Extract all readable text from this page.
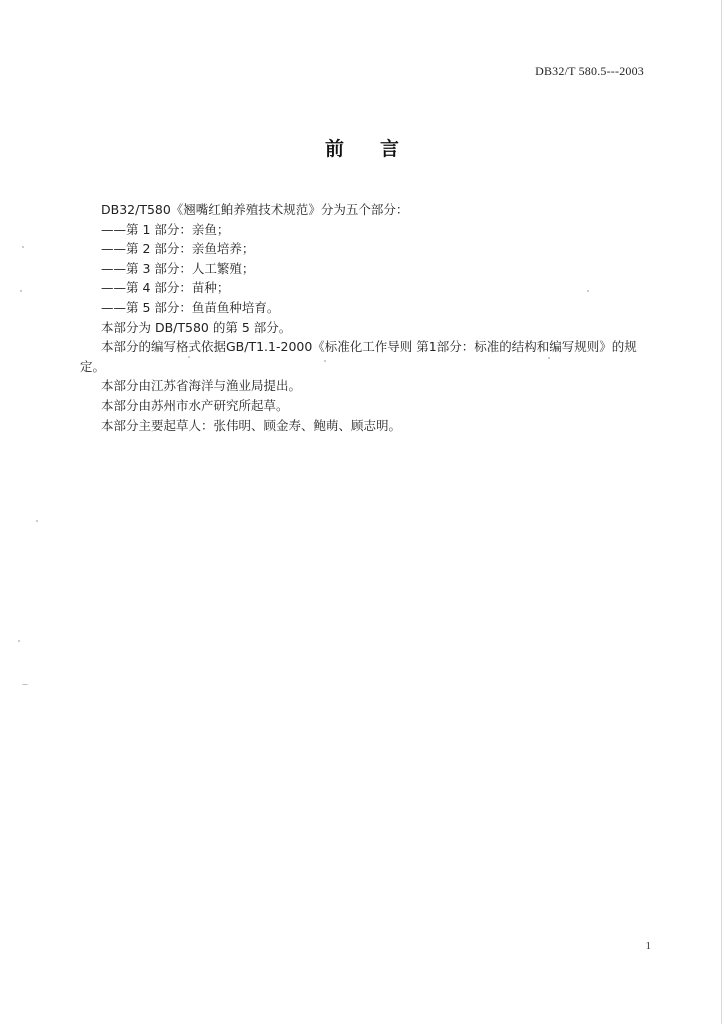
DB32/T 580.5---2003
前 言

DB32/T580《翘嘴红鲌养殖技术规范》分为五个部分：

——第 1 部分：亲鱼；

——第 2 部分：亲鱼培养；

——第 3 部分：人工繁殖；

——第 4 部分：苗种；

——第 5 部分：鱼苗鱼种培育。

本部分为 DB/T580 的第 5 部分。

本部分的编写格式依据GB/T1.1-2000《标准化工作导则 第1部分：标准的结构和编写规则》的规定。

本部分由江苏省海洋与渔业局提出。

本部分由苏州市水产研究所起草。

本部分主要起草人：张伟明、顾金寿、鲍萌、顾志明。

1
